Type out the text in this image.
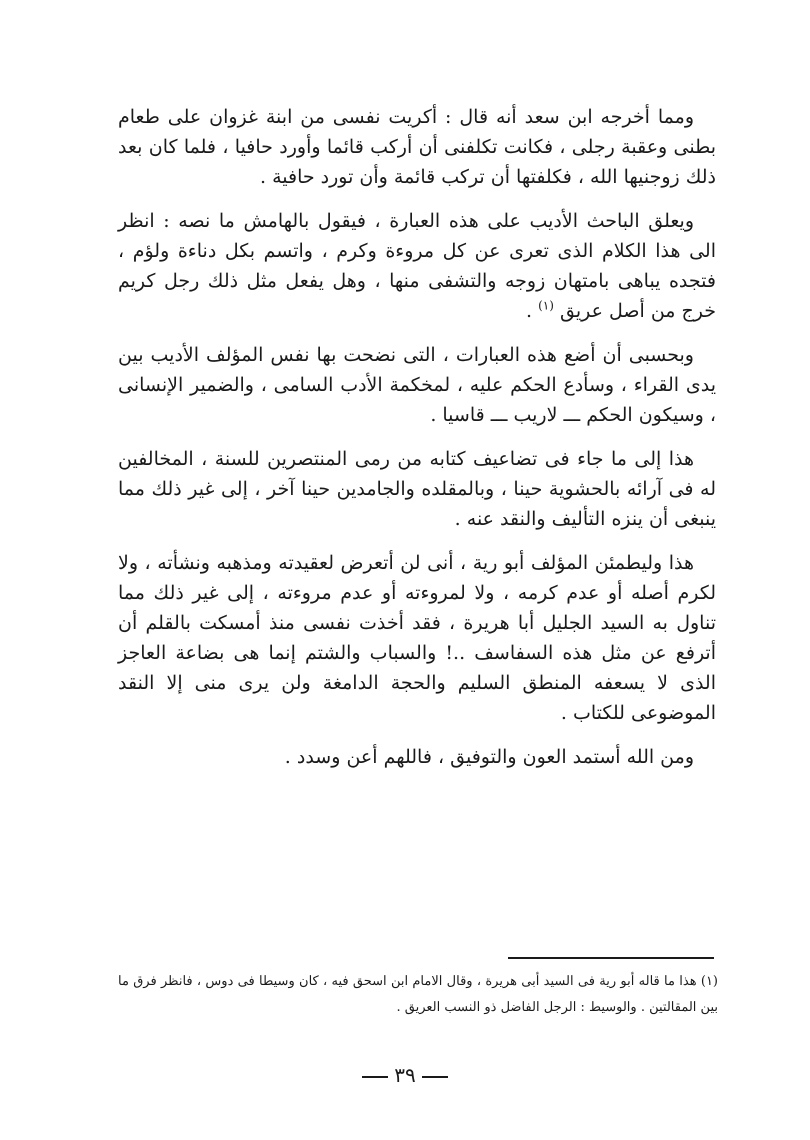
ومما أخرجه ابن سعد أنه قال : أكريت نفسى من ابنة غزوان على طعام بطنى وعقبة رجلى ، فكانت تكلفنى أن أركب قائما وأورد حافيا ، فلما كان بعد ذلك زوجنيها الله ، فكلفتها أن تركب قائمة وأن تورد حافية .

ويعلق الباحث الأديب على هذه العبارة ، فيقول بالهامش ما نصه : انظر الى هذا الكلام الذى تعرى عن كل مروءة وكرم ، واتسم بكل دناءة ولؤم ، فتجده يباهى بامتهان زوجه والتشفى منها ، وهل يفعل مثل ذلك رجل كريم خرج من أصل عريق $^{(١)}$ .

وبحسبى أن أضع هذه العبارات ، التى نضحت بها نفس المؤلف الأديب بين يدى القراء ، وسأدع الحكم عليه ، لمخكمة الأدب السامى ، والضمير الإنسانى ، وسيكون الحكم ـــ لاريب ـــ قاسيا .

هذا إلى ما جاء فى تضاعيف كتابه من رمى المنتصرين للسنة ، المخالفين له فى آرائه بالحشوية حينا ، وبالمقلده والجامدين حينا آخر ، إلى غير ذلك مما ينبغى أن ينزه التأليف والنقد عنه .

هذا وليطمئن المؤلف أبو رية ، أنى لن أتعرض لعقيدته ومذهبه ونشأته ، ولا لكرم أصله أو عدم كرمه ، ولا لمروءته أو عدم مروءته ، إلى غير ذلك مما تناول به السيد الجليل أبا هريرة ، فقد أخذت نفسى منذ أمسكت بالقلم أن أترفع عن مثل هذه السفاسف ..! والسباب والشتم إنما هى بضاعة العاجز الذى لا يسعفه المنطق السليم والحجة الدامغة ولن يرى منى إلا النقد الموضوعى للكتاب .

ومن الله أستمد العون والتوفيق ، فاللهم أعن وسدد .

(١) هذا ما قاله أبو رية فى السيد أبى هريرة ، وقال الامام ابن اسحق فيه ، كان وسيطا فى دوس ، فانظر فرق ما بين المقالتين . والوسيط : الرجل الفاضل ذو النسب العريق .

٣٩
